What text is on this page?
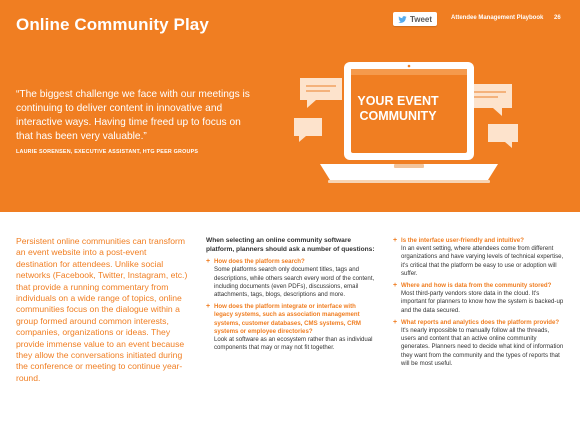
Online Community Play	Tweet	Attendee Management Playbook 26
“The biggest challenge we face with our meetings is continuing to deliver content in innovative and interactive ways. Having time freed up to focus on that has been very valuable.”
LAURIE SORENSEN, EXECUTIVE ASSISTANT, HTG PEER GROUPS
YOUR EVENT
COMMUNITY
Persistent online communities can transform an event website into a post-event destination for attendees. Unlike social networks (Facebook, Twitter, Instagram, etc.) that provide a running commentary from individuals on a wide range of topics, online communities focus on the dialogue within a group formed around common interests, companies, organizations or ideas. They provide immense value to an event because they allow the conversations initiated during the conference or meeting to continue year-round.
When selecting an online community software platform, planners should ask a number of questions:
+ How does the platform search?
Some platforms search only document titles, tags and descriptions, while others search every word of the content, including documents (even PDFs), discussions, email attachments, tags, blogs, descriptions and more.
+ How does the platform integrate or interface with legacy systems, such as association management systems, customer databases, CMS systems, CRM systems or employee directories?
Look at software as an ecosystem rather than as individual components that may or may not fit together.
+ Is the interface user-friendly and intuitive?
In an event setting, where attendees come from different organizations and have varying levels of technical expertise, it's critical that the platform be easy to use or adoption will suffer.
+ Where and how is data from the community stored?
Most third-party vendors store data in the cloud. It's important for planners to know how the system is backed-up and the data secured.
+ What reports and analytics does the platform provide?
It's nearly impossible to manually follow all the threads, users and content that an active online community generates. Planners need to decide what kind of information they want from the community and the types of reports that will be most useful.
